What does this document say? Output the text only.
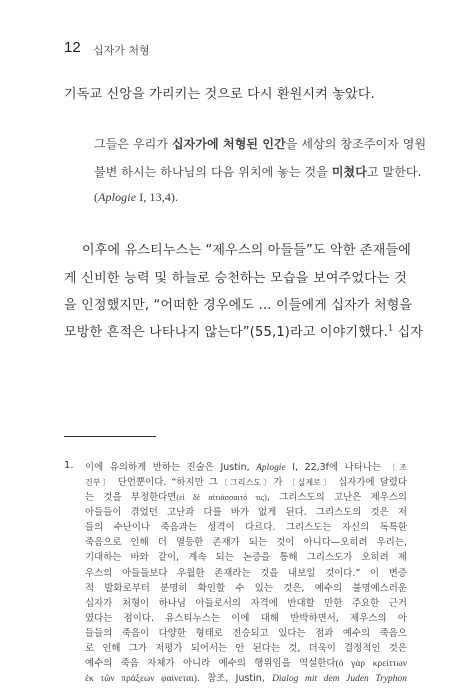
12 십자가 처형
기독교 신앙을 가리키는 것으로 다시 환원시켜 놓았다.
그들은 우리가 십자가에 처형된 인간을 세상의 창조주이자 영원
불변 하시는 하나님의 다음 위치에 놓는 것을 미쳤다고 말한다.
(Aplogie I, 13,4).
이후에 유스티누스는 “제우스의 아들들”도 악한 존재들에
게 신비한 능력 및 하늘로 승천하는 모습을 보여주었다는 것
을 인정했지만, “어떠한 경우에도 … 이들에게 십자가 처형을
모방한 흔적은 나타나지 않는다”(55,1)라고 이야기했다.$^1$ 십자
1. 이에 유의하게 반하는 진술은 Justin, Aplogie I, 22,3f에 나타나는 〔조
건부〕 단언뿐이다. “하지만 그〔그리스도〕가 〔실제로〕 십자가에 달렸다
는 것을 부정한다면(εἰ δὲ αἰτιάσσαιτό τις), 그리스도의 고난은 제우스의
아들들이 겪었던 고난과 다를 바가 없게 된다. 그리스도의 것은 저
들의 수난이나 죽음과는 성격이 다르다. 그리스도는 자신의 독특한
죽음으로 인해 더 열등한 존재가 되는 것이 아니다—오히려 우리는,
기대하는 바와 같이, 계속 되는 논증을 통해 그리스도가 오히려 제
우스의 아들들보다 우월한 존재라는 것을 내보일 것이다.” 이 변증
적 발화로부터 분명히 확인할 수 있는 것은, 예수의 불명예스러운
십자가 처형이 하나님 아들로서의 자격에 반대할 만한 주요한 근거
였다는 점이다. 유스티누스는 이에 대해 반박하면서, 제우스의 아
들들의 죽음이 다양한 형태로 전승되고 있다는 점과 예수의 죽음으
로 인해 그가 저평가 되어서는 안 된다는 것, 더욱이 결정적인 것은
예수의 죽음 자체가 아니라 예수의 행위임을 역설한다(ὁ γὰρ κρείττων
ἐκ τῶν πράξεων φαίνεται). 참조, Justin, Dialog mit dem Juden Tryphon
